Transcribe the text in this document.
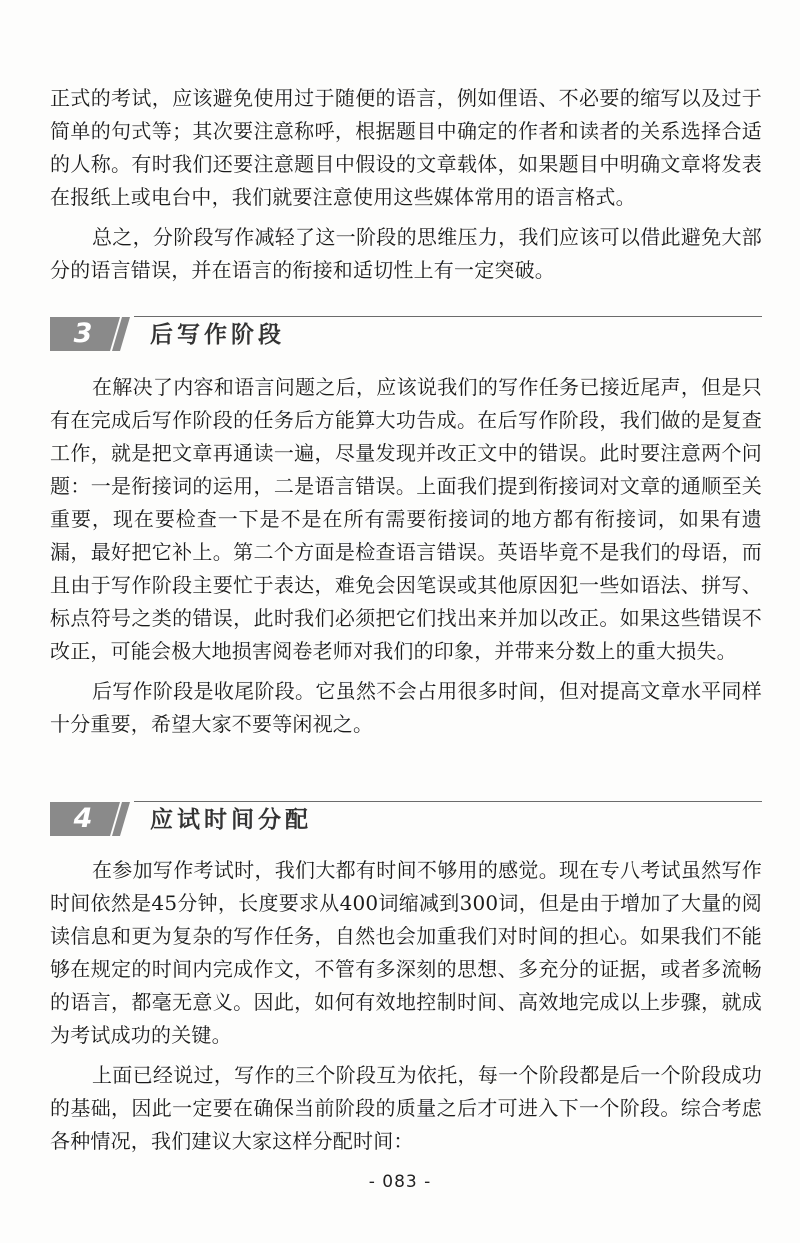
正式的考试，应该避免使用过于随便的语言，例如俚语、不必要的缩写以及过于简单的句式等；其次要注意称呼，根据题目中确定的作者和读者的关系选择合适的人称。有时我们还要注意题目中假设的文章载体，如果题目中明确文章将发表在报纸上或电台中，我们就要注意使用这些媒体常用的语言格式。

总之，分阶段写作减轻了这一阶段的思维压力，我们应该可以借此避免大部分的语言错误，并在语言的衔接和适切性上有一定突破。

3	后写作阶段

在解决了内容和语言问题之后，应该说我们的写作任务已接近尾声，但是只有在完成后写作阶段的任务后方能算大功告成。在后写作阶段，我们做的是复查工作，就是把文章再通读一遍，尽量发现并改正文中的错误。此时要注意两个问题：一是衔接词的运用，二是语言错误。上面我们提到衔接词对文章的通顺至关重要，现在要检查一下是不是在所有需要衔接词的地方都有衔接词，如果有遗漏，最好把它补上。第二个方面是检查语言错误。英语毕竟不是我们的母语，而且由于写作阶段主要忙于表达，难免会因笔误或其他原因犯一些如语法、拼写、标点符号之类的错误，此时我们必须把它们找出来并加以改正。如果这些错误不改正，可能会极大地损害阅卷老师对我们的印象，并带来分数上的重大损失。

后写作阶段是收尾阶段。它虽然不会占用很多时间，但对提高文章水平同样十分重要，希望大家不要等闲视之。

4	应试时间分配

在参加写作考试时，我们大都有时间不够用的感觉。现在专八考试虽然写作时间依然是45分钟，长度要求从400词缩减到300词，但是由于增加了大量的阅读信息和更为复杂的写作任务，自然也会加重我们对时间的担心。如果我们不能够在规定的时间内完成作文，不管有多深刻的思想、多充分的证据，或者多流畅的语言，都毫无意义。因此，如何有效地控制时间、高效地完成以上步骤，就成为考试成功的关键。

上面已经说过，写作的三个阶段互为依托，每一个阶段都是后一个阶段成功的基础，因此一定要在确保当前阶段的质量之后才可进入下一个阶段。综合考虑各种情况，我们建议大家这样分配时间：

- 083 -
